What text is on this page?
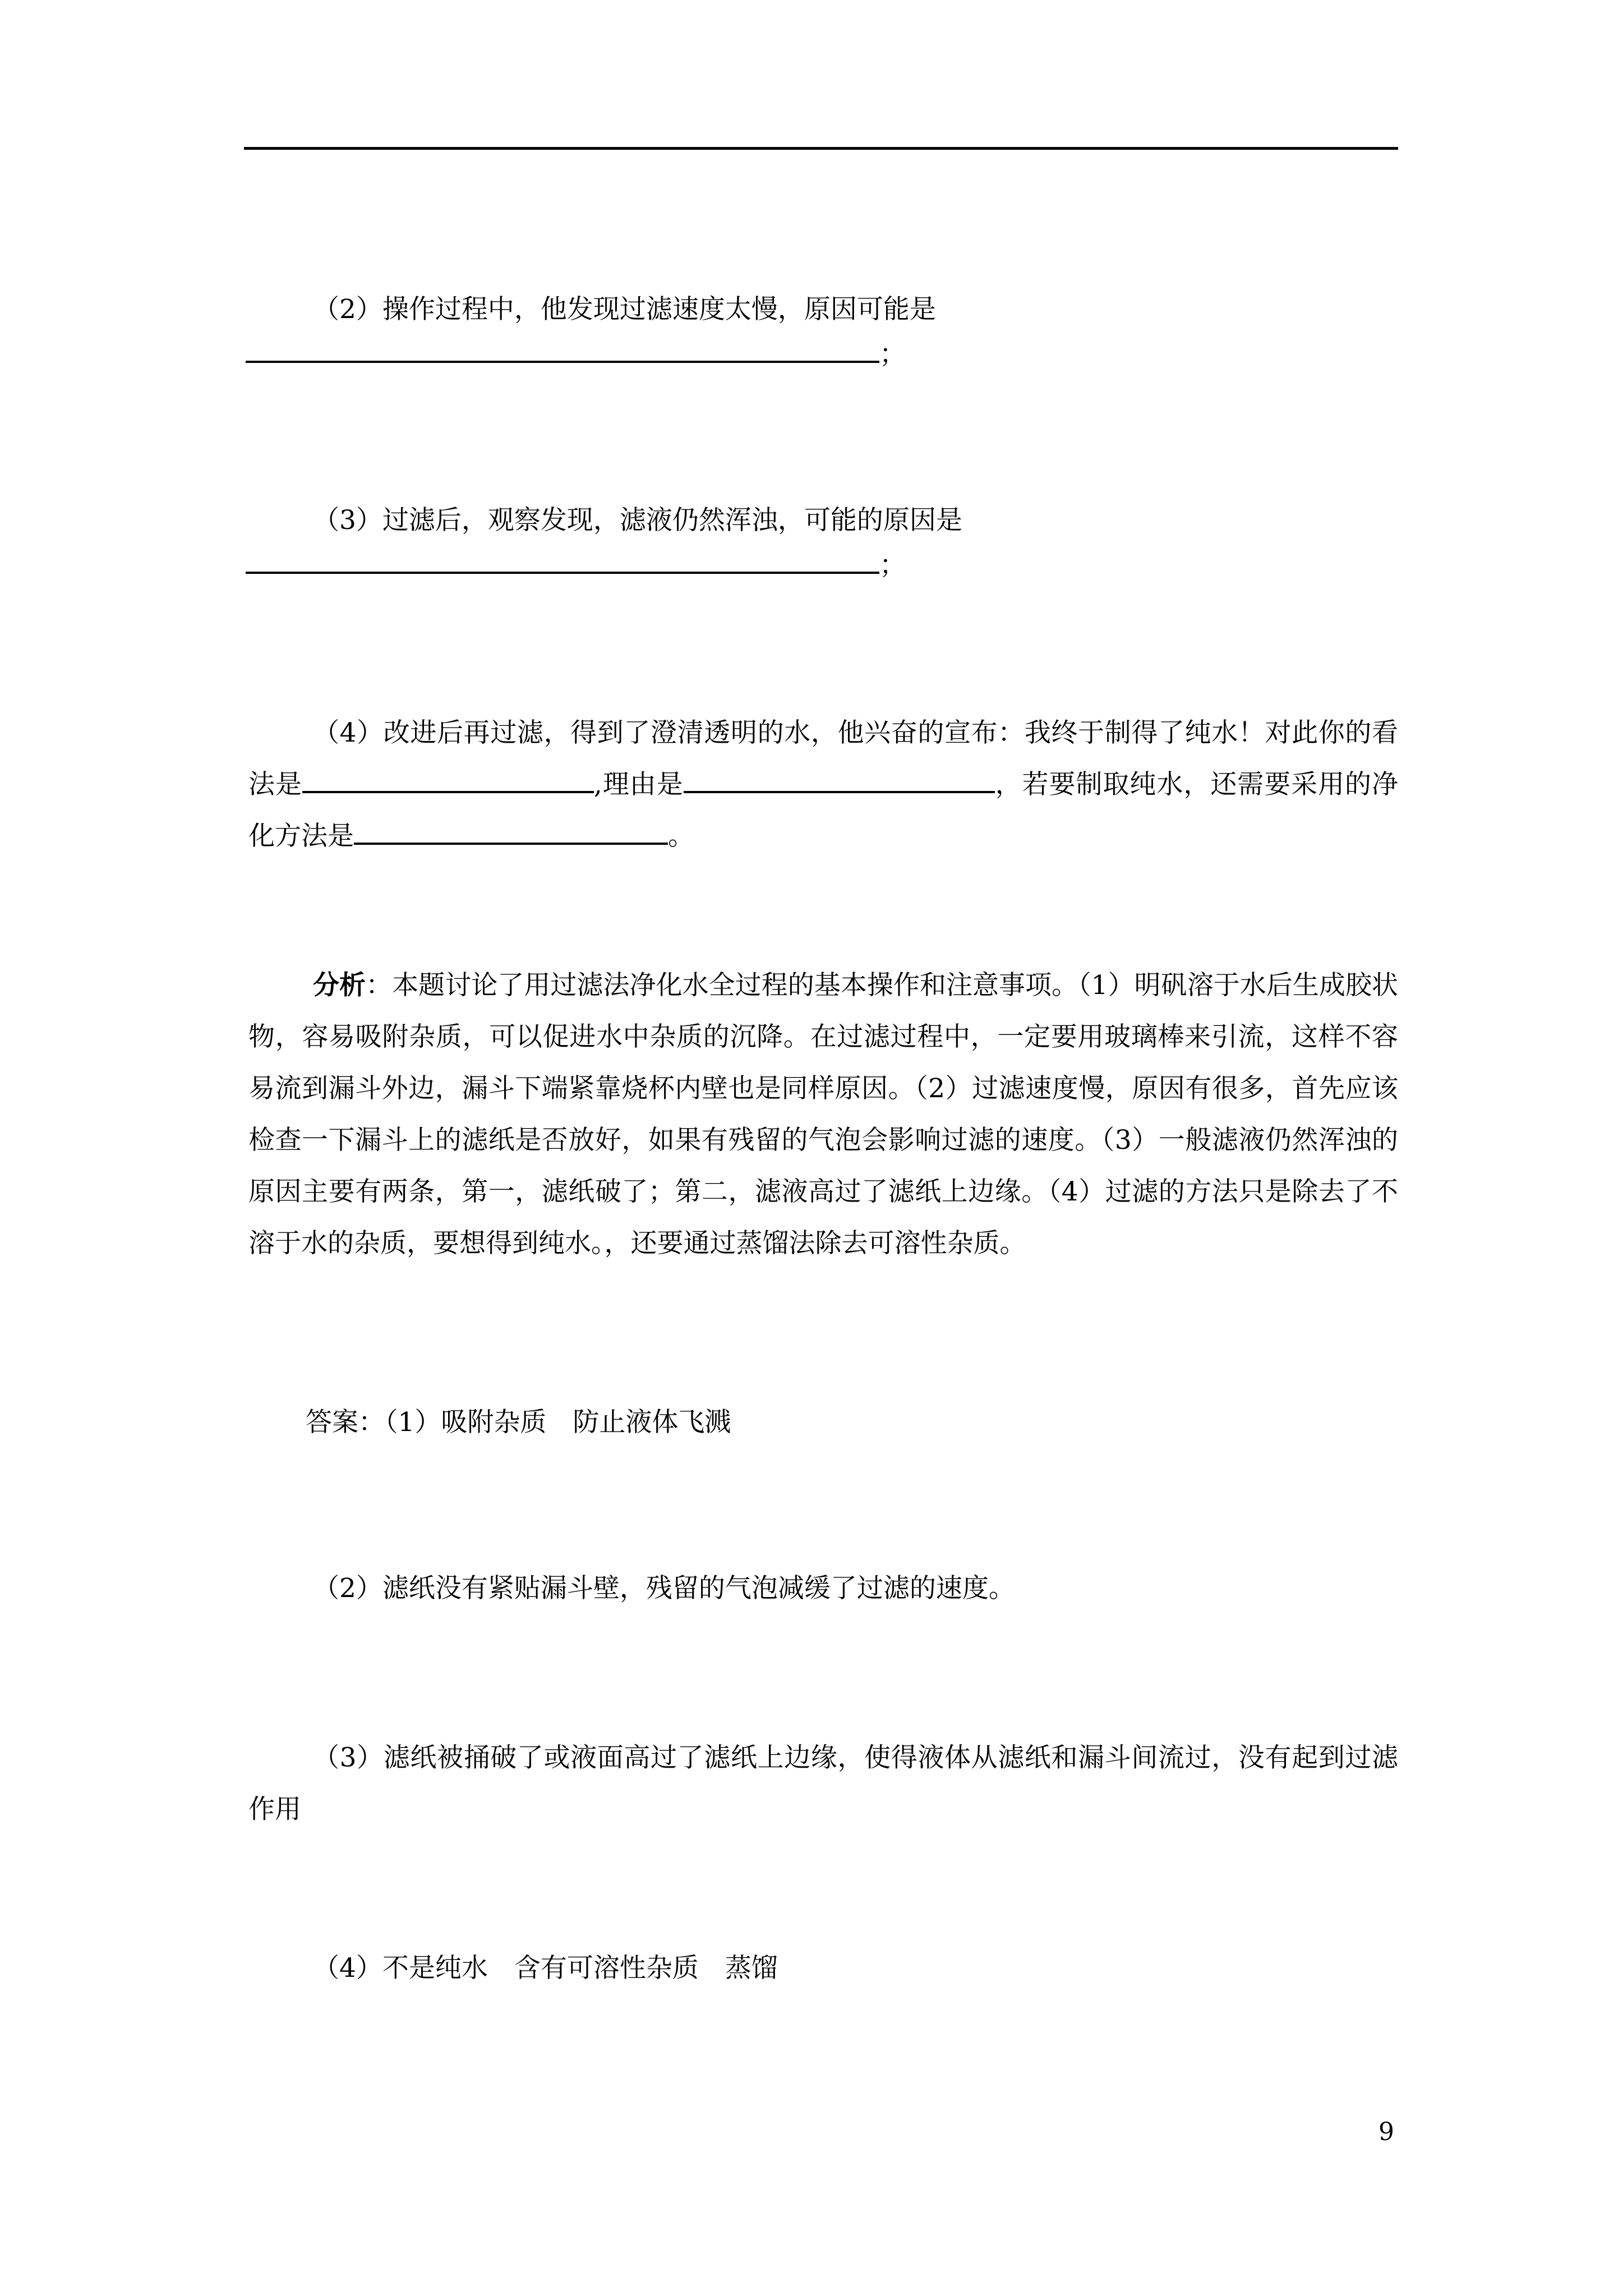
（2）操作过程中，他发现过滤速度太慢，原因可能是
；
（3）过滤后，观察发现，滤液仍然浑浊，可能的原因是
；
（4）改进后再过滤，得到了澄清透明的水，他兴奋的宣布：我终于制得了纯水！对此你的看法是	,理由是	，若要制取纯水，还需要采用的净化方法是	。
分析：本题讨论了用过滤法净化水全过程的基本操作和注意事项。（1）明矾溶于水后生成胶状物，容易吸附杂质，可以促进水中杂质的沉降。在过滤过程中，一定要用玻璃棒来引流，这样不容易流到漏斗外边，漏斗下端紧靠烧杯内壁也是同样原因。（2）过滤速度慢，原因有很多，首先应该检查一下漏斗上的滤纸是否放好，如果有残留的气泡会影响过滤的速度。（3）一般滤液仍然浑浊的原因主要有两条，第一，滤纸破了；第二，滤液高过了滤纸上边缘。（4）过滤的方法只是除去了不溶于水的杂质，要想得到纯水。，还要通过蒸馏法除去可溶性杂质。
答案：（1）吸附杂质　防止液体飞溅
（2）滤纸没有紧贴漏斗壁，残留的气泡减缓了过滤的速度。
（3）滤纸被捅破了或液面高过了滤纸上边缘，使得液体从滤纸和漏斗间流过，没有起到过滤作用
（4）不是纯水　含有可溶性杂质　蒸馏
9
